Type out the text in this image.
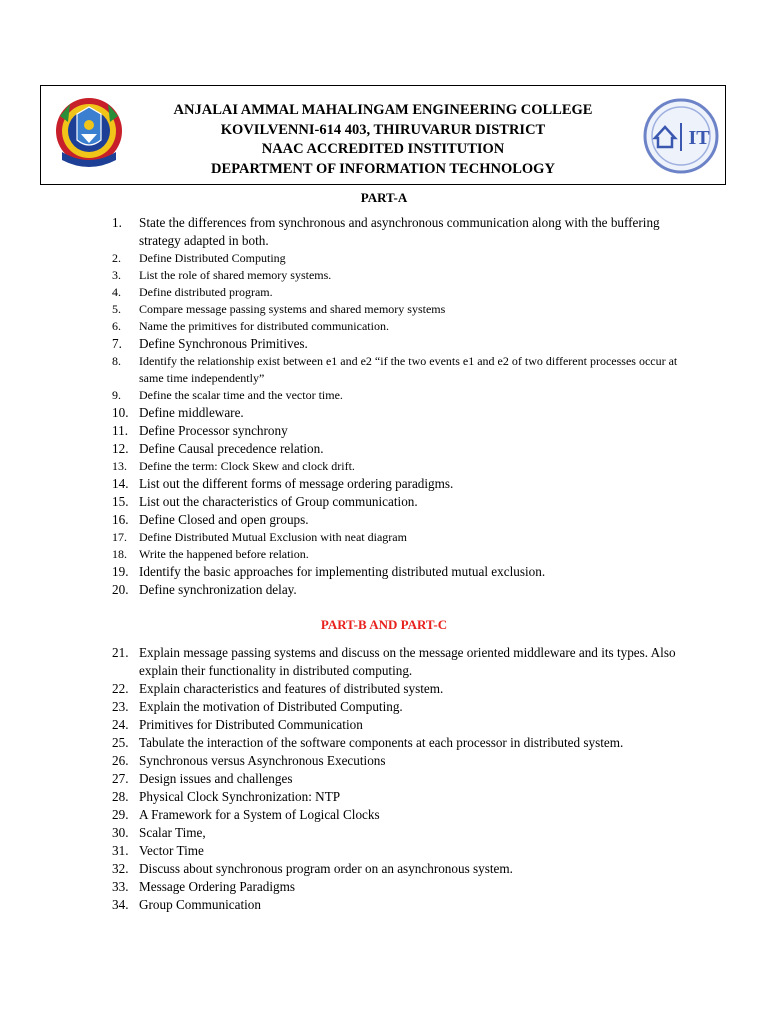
ANJALAI AMMAL MAHALINGAM ENGINEERING COLLEGE
KOVILVENNI-614 403, THIRUVARUR DISTRICT
NAAC ACCREDITED INSTITUTION
DEPARTMENT OF INFORMATION TECHNOLOGY
IT
PART-A
1. State the differences from synchronous and asynchronous communication along with the buffering strategy adapted in both.
2. Define Distributed Computing
3. List the role of shared memory systems.
4. Define distributed program.
5. Compare message passing systems and shared memory systems
6. Name the primitives for distributed communication.
7. Define Synchronous Primitives.
8. Identify the relationship exist between e1 and e2 “if the two events e1 and e2 of two different processes occur at same time independently”
9. Define the scalar time and the vector time.
10. Define middleware.
11. Define Processor synchrony
12. Define Causal precedence relation.
13. Define the term: Clock Skew and clock drift.
14. List out the different forms of message ordering paradigms.
15. List out the characteristics of Group communication.
16. Define Closed and open groups.
17. Define Distributed Mutual Exclusion with neat diagram
18. Write the happened before relation.
19. Identify the basic approaches for implementing distributed mutual exclusion.
20. Define synchronization delay.
PART-B AND PART-C
21. Explain message passing systems and discuss on the message oriented middleware and its types. Also explain their functionality in distributed computing.
22. Explain characteristics and features of distributed system.
23. Explain the motivation of Distributed Computing.
24. Primitives for Distributed Communication
25. Tabulate the interaction of the software components at each processor in distributed system.
26. Synchronous versus Asynchronous Executions
27. Design issues and challenges
28. Physical Clock Synchronization: NTP
29. A Framework for a System of Logical Clocks
30. Scalar Time,
31. Vector Time
32. Discuss about synchronous program order on an asynchronous system.
33. Message Ordering Paradigms
34. Group Communication
